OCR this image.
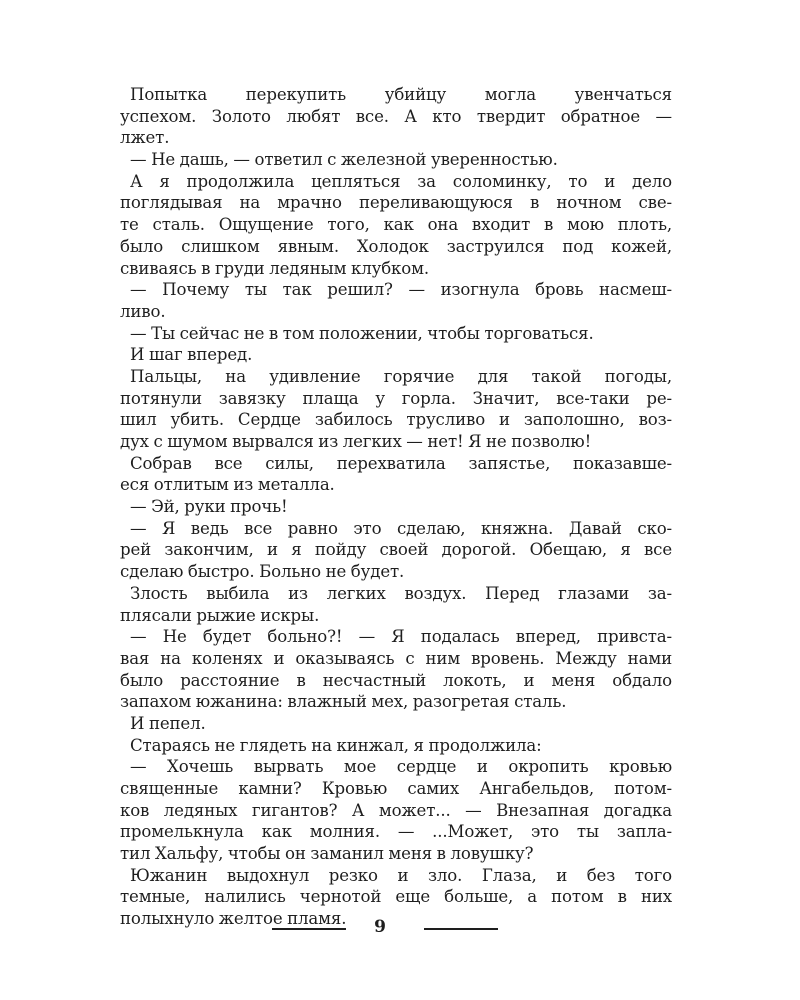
Попытка перекупить убийцу могла увенчаться
успехом. Золото любят все. А кто твердит обратное —
лжет.
— Не дашь, — ответил с железной уверенностью.
А я продолжила цепляться за соломинку, то и дело
поглядывая на мрачно переливающуюся в ночном све-
те сталь. Ощущение того, как она входит в мою плоть,
было слишком явным. Холодок заструился под кожей,
свиваясь в груди ледяным клубком.
— Почему ты так решил? — изогнула бровь насмеш-
ливо.
— Ты сейчас не в том положении, чтобы торговаться.
И шаг вперед.
Пальцы, на удивление горячие для такой погоды,
потянули завязку плаща у горла. Значит, все-таки ре-
шил убить. Сердце забилось трусливо и заполошно, воз-
дух с шумом вырвался из легких — нет! Я не позволю!
Собрав все силы, перехватила запястье, показавше-
еся отлитым из металла.
— Эй, руки прочь!
— Я ведь все равно это сделаю, княжна. Давай ско-
рей закончим, и я пойду своей дорогой. Обещаю, я все
сделаю быстро. Больно не будет.
Злость выбила из легких воздух. Перед глазами за-
плясали рыжие искры.
— Не будет больно?! — Я подалась вперед, привста-
вая на коленях и оказываясь с ним вровень. Между нами
было расстояние в несчастный локоть, и меня обдало
запахом южанина: влажный мех, разогретая сталь.
И пепел.
Стараясь не глядеть на кинжал, я продолжила:
— Хочешь вырвать мое сердце и окропить кровью
священные камни? Кровью самих Ангабельдов, потом-
ков ледяных гигантов? А может... — Внезапная догадка
промелькнула как молния. — ...Может, это ты запла-
тил Хальфу, чтобы он заманил меня в ловушку?
Южанин выдохнул резко и зло. Глаза, и без того
темные, налились чернотой еще больше, а потом в них
полыхнуло желтое пламя.	9
